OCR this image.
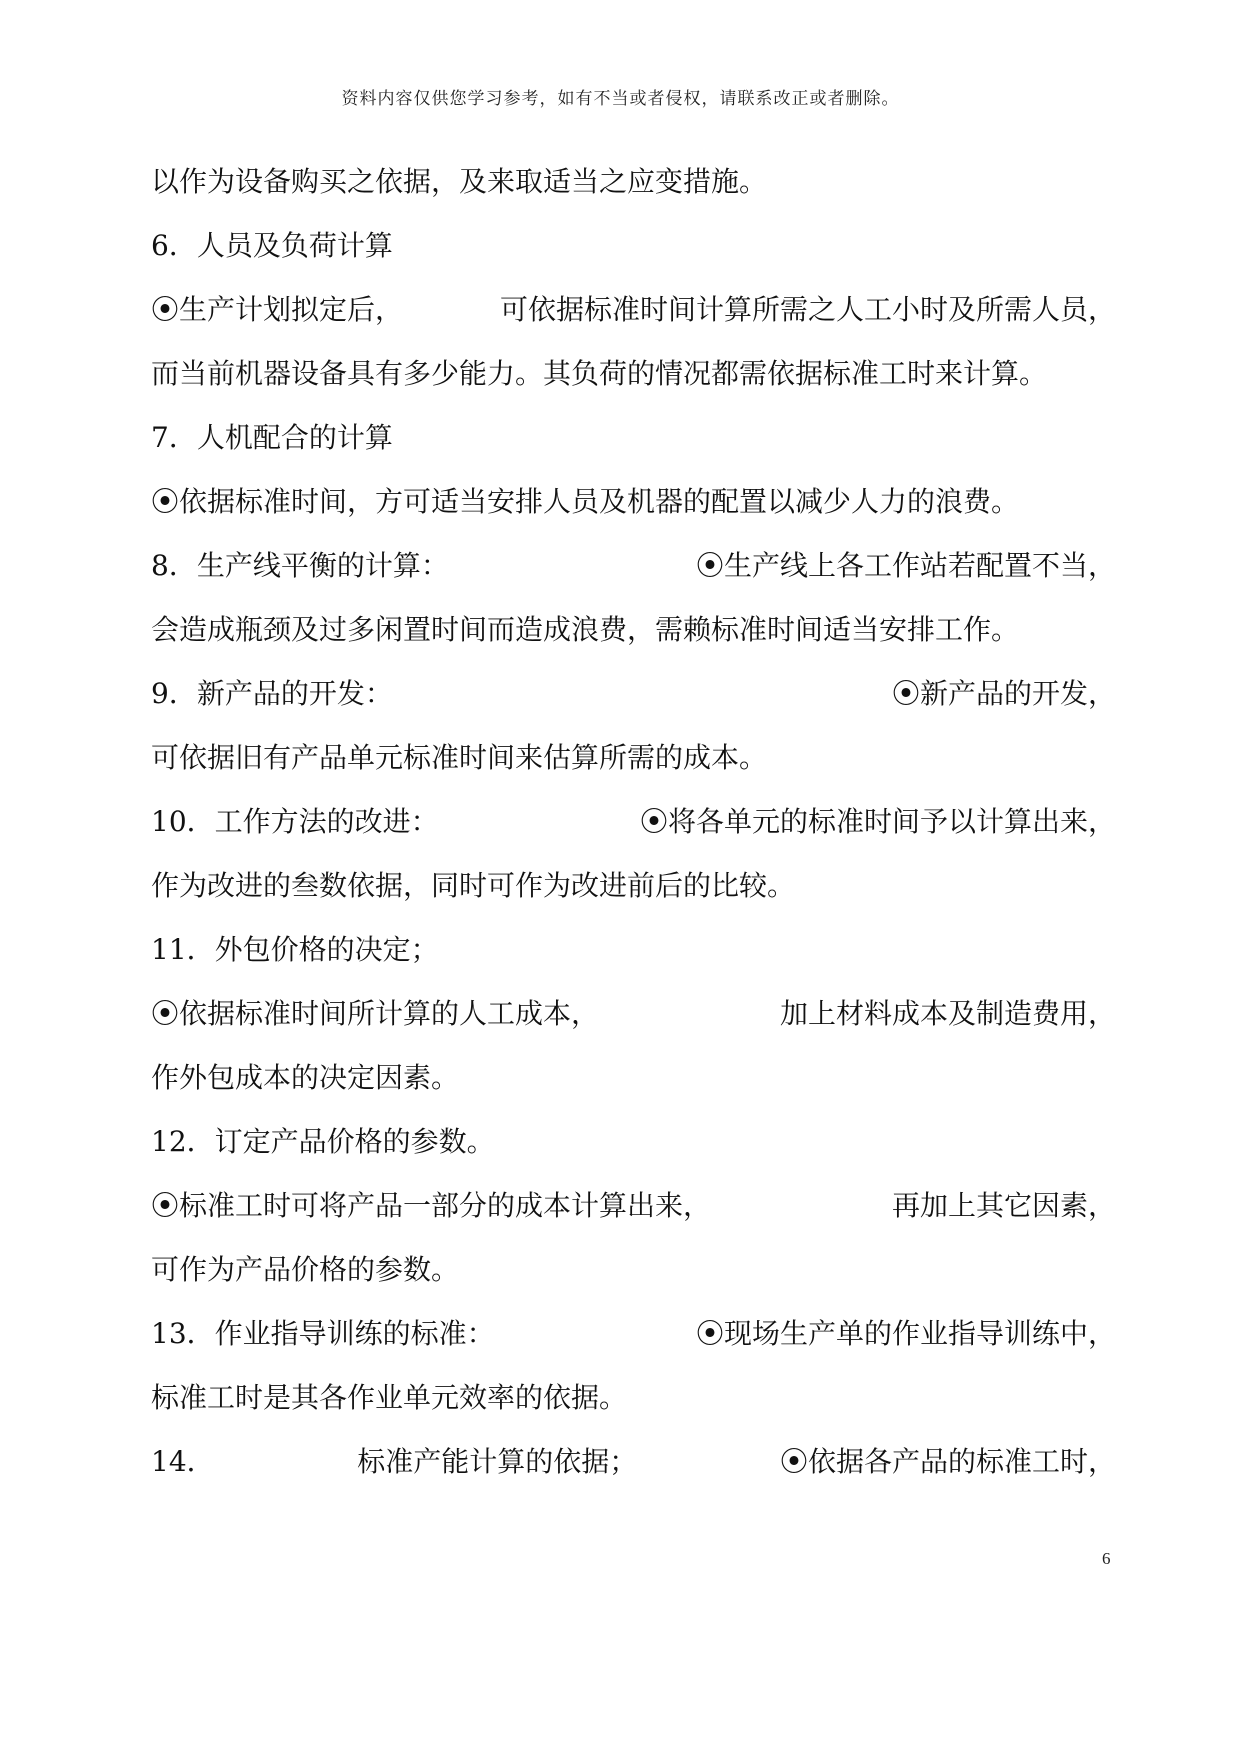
资料内容仅供您学习参考，如有不当或者侵权，请联系改正或者删除。
以作为设备购买之依据，及来取适当之应变措施。
6．人员及负荷计算
⦿生产计划拟定后，	可依据标准时间计算所需之人工小时及所需人员，
而当前机器设备具有多少能力。其负荷的情况都需依据标准工时来计算。
7．人机配合的计算
⦿依据标准时间，方可适当安排人员及机器的配置以减少人力的浪费。
8．生产线平衡的计算：	⦿生产线上各工作站若配置不当，
会造成瓶颈及过多闲置时间而造成浪费，需赖标准时间适当安排工作。
9．新产品的开发：	⦿新产品的开发，
可依据旧有产品单元标准时间来估算所需的成本。
10．工作方法的改进：	⦿将各单元的标准时间予以计算出来，
作为改进的叁数依据，同时可作为改进前后的比较。
11．外包价格的决定；
⦿依据标准时间所计算的人工成本，	加上材料成本及制造费用，
作外包成本的决定因素。
12．订定产品价格的参数。
⦿标准工时可将产品一部分的成本计算出来，	再加上其它因素，
可作为产品价格的参数。
13．作业指导训练的标准：	⦿现场生产单的作业指导训练中，
标准工时是其各作业单元效率的依据。
14．	标准产能计算的依据；	⦿依据各产品的标准工时，
6
